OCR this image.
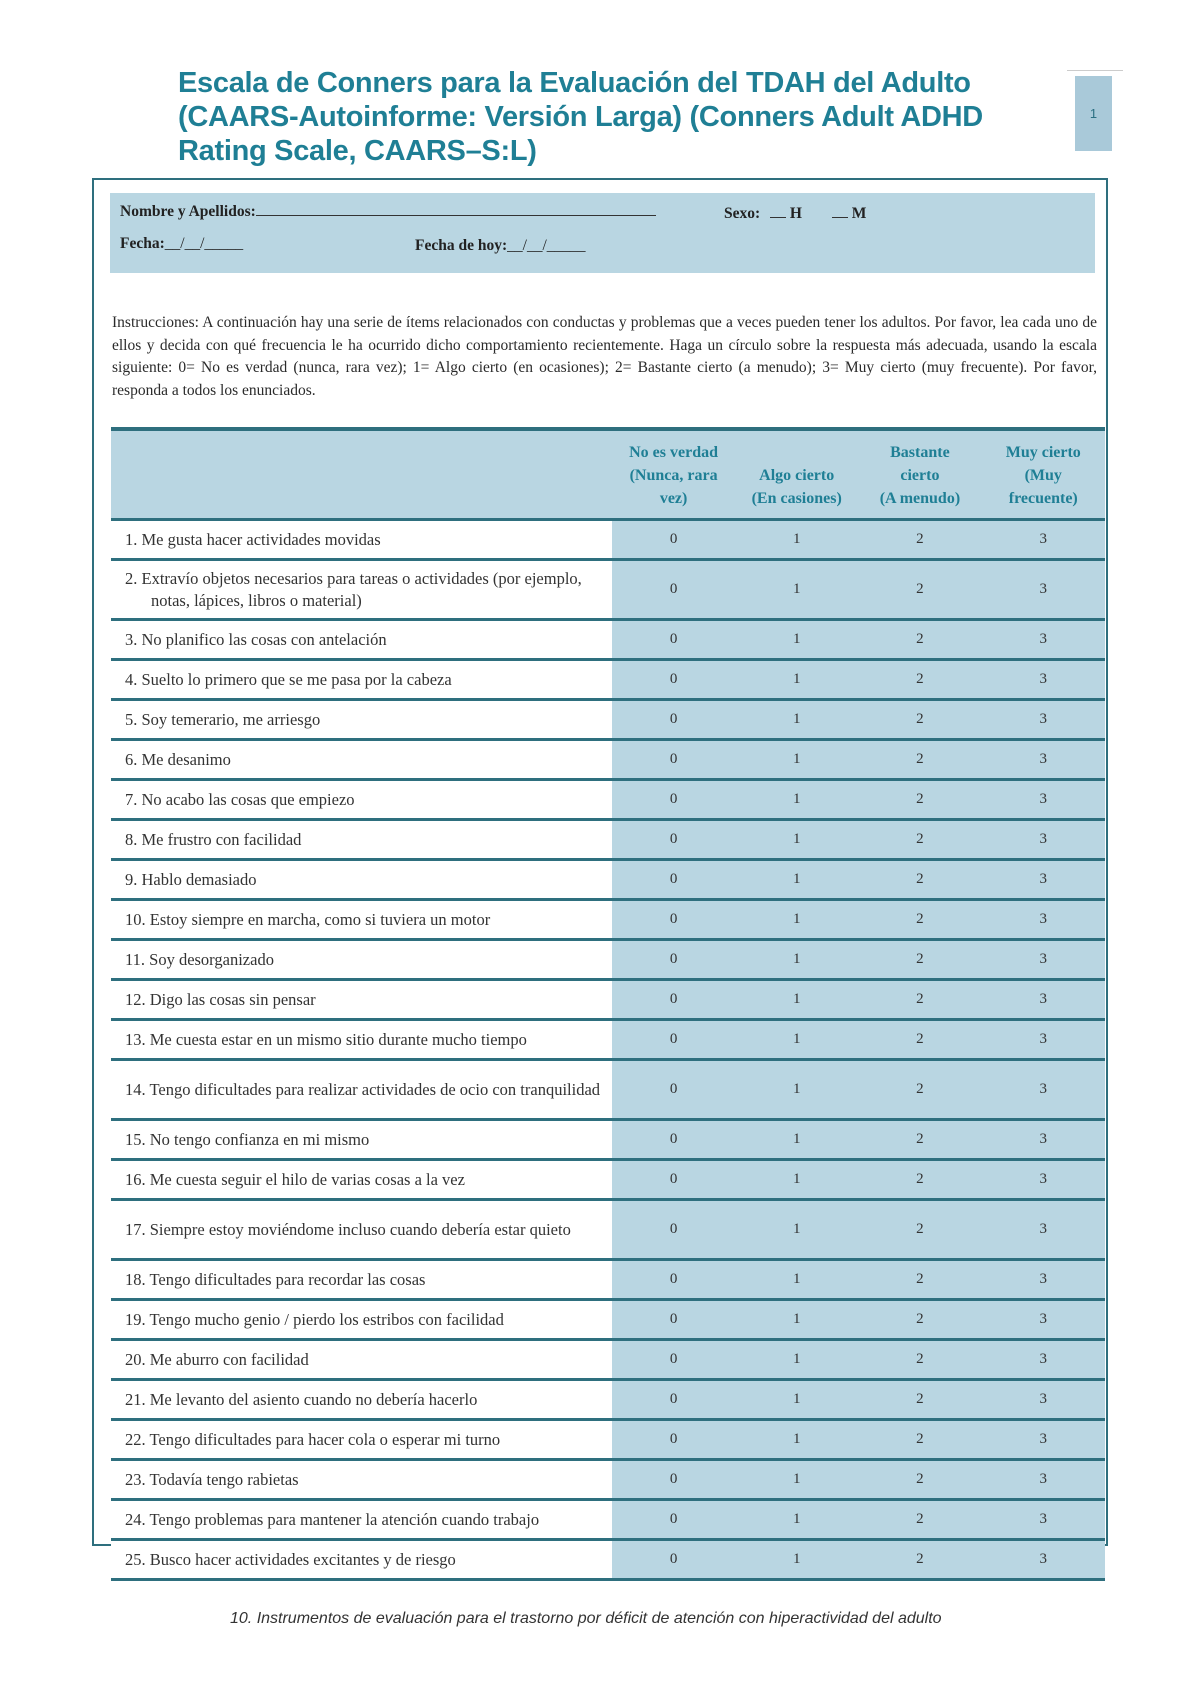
Escala de Conners para la Evaluación del TDAH del Adulto
(CAARS-Autoinforme: Versión Larga) (Conners Adult ADHD
Rating Scale, CAARS–S:L)
1
Nombre y Apellidos:	Sexo: H	M
Fecha:__/__/_____	Fecha de hoy:__/__/_____
Instrucciones: A continuación hay una serie de ítems relacionados con conductas y problemas que a veces pueden tener los adultos. Por favor, lea cada uno de ellos y decida con qué frecuencia le ha ocurrido dicho comportamiento recientemente. Haga un círculo sobre la respuesta más adecuada, usando la escala siguiente: 0= No es verdad (nunca, rara vez); 1= Algo cierto (en ocasiones); 2= Bastante cierto (a menudo); 3= Muy cierto (muy frecuente). Por favor, responda a todos los enunciados.

No es verdad
(Nunca, rara
vez)

Algo cierto
(En casiones)

Bastante
cierto
(A menudo)

Muy cierto
(Muy
frecuente)

1. Me gusta hacer actividades movidas	0	1	2	3

2. Extravío objetos necesarios para tareas o actividades (por ejemplo, notas, lápices, libros o material)	0	1	2	3

3. No planifico las cosas con antelación	0	1	2	3

4. Suelto lo primero que se me pasa por la cabeza	0	1	2	3

5. Soy temerario, me arriesgo	0	1	2	3

6. Me desanimo	0	1	2	3

7. No acabo las cosas que empiezo	0	1	2	3

8. Me frustro con facilidad	0	1	2	3

9. Hablo demasiado	0	1	2	3

10. Estoy siempre en marcha, como si tuviera un motor	0	1	2	3

11. Soy desorganizado	0	1	2	3

12. Digo las cosas sin pensar	0	1	2	3

13. Me cuesta estar en un mismo sitio durante mucho tiempo	0	1	2	3

14. Tengo dificultades para realizar actividades de ocio con tranquilidad	0	1	2	3

15. No tengo confianza en mi mismo	0	1	2	3

16. Me cuesta seguir el hilo de varias cosas a la vez	0	1	2	3

17. Siempre estoy moviéndome incluso cuando debería estar quieto	0	1	2	3

18. Tengo dificultades para recordar las cosas	0	1	2	3

19. Tengo mucho genio / pierdo los estribos con facilidad	0	1	2	3

20. Me aburro con facilidad	0	1	2	3

21. Me levanto del asiento cuando no debería hacerlo	0	1	2	3

22. Tengo dificultades para hacer cola o esperar mi turno	0	1	2	3

23. Todavía tengo rabietas	0	1	2	3

24. Tengo problemas para mantener la atención cuando trabajo	0	1	2	3

25. Busco hacer actividades excitantes y de riesgo	0	1	2	3
10. Instrumentos de evaluación para el trastorno por déficit de atención con hiperactividad del adulto
